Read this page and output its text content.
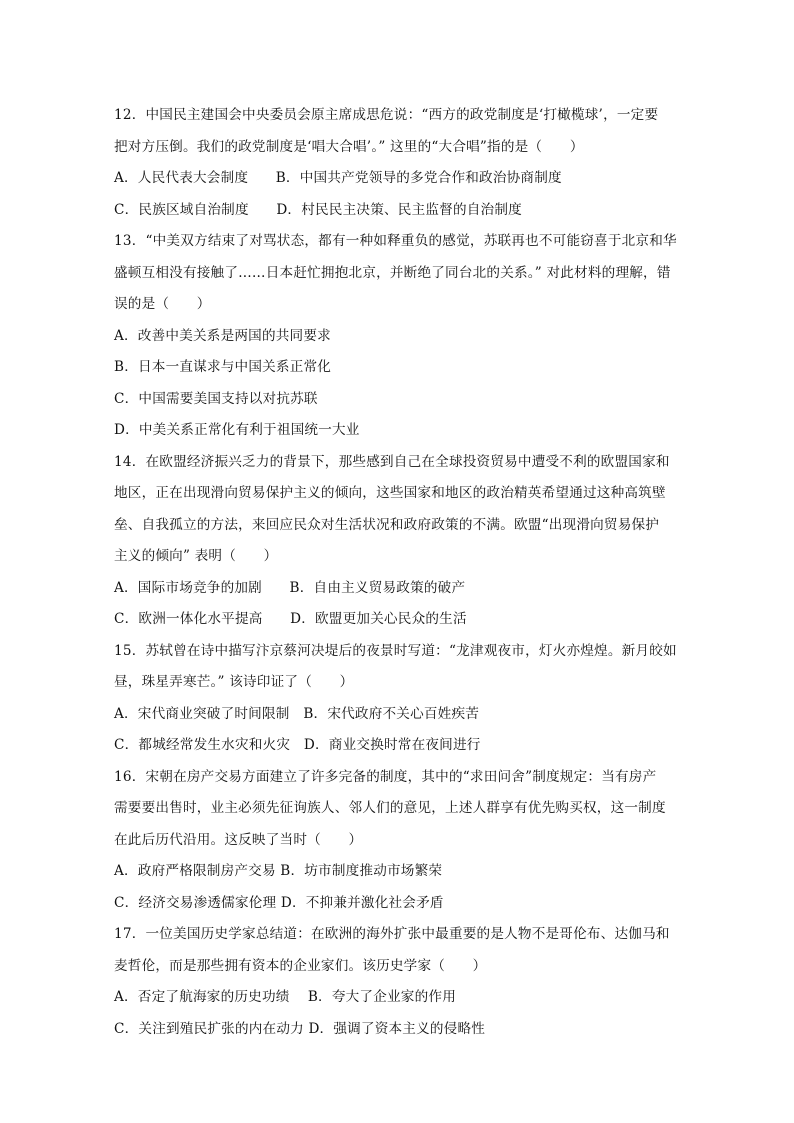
12．中国民主建国会中央委员会原主席成思危说：“西方的政党制度是‘打橄榄球’，一定要
把对方压倒。我们的政党制度是‘唱大合唱’。” 这里的“大合唱”指的是（　　）
A．人民代表大会制度　　B．中国共产党领导的多党合作和政治协商制度
C．民族区域自治制度　　D．村民民主决策、民主监督的自治制度
13．“中美双方结束了对骂状态，都有一种如释重负的感觉，苏联再也不可能窃喜于北京和华
盛顿互相没有接触了……日本赶忙拥抱北京，并断绝了同台北的关系。” 对此材料的理解，错
误的是（　　）
A．改善中美关系是两国的共同要求
B．日本一直谋求与中国关系正常化
C．中国需要美国支持以对抗苏联
D．中美关系正常化有利于祖国统一大业
14．在欧盟经济振兴乏力的背景下，那些感到自己在全球投资贸易中遭受不利的欧盟国家和
地区，正在出现滑向贸易保护主义的倾向，这些国家和地区的政治精英希望通过这种高筑壁
垒、自我孤立的方法，来回应民众对生活状况和政府政策的不满。欧盟“出现滑向贸易保护
主义的倾向” 表明（　　）
A．国际市场竞争的加剧　　B．自由主义贸易政策的破产
C．欧洲一体化水平提高　　D．欧盟更加关心民众的生活
15．苏轼曾在诗中描写汴京蔡河决堤后的夜景时写道：“龙津观夜市，灯火亦煌煌。新月皎如
昼，珠星弄寒芒。” 该诗印证了（　　）
A．宋代商业突破了时间限制　B．宋代政府不关心百姓疾苦
C．都城经常发生水灾和火灾　D．商业交换时常在夜间进行
16．宋朝在房产交易方面建立了许多完备的制度，其中的“求田问舍”制度规定：当有房产
需要要出售时，业主必须先征询族人、邻人们的意见，上述人群享有优先购买权，这一制度
在此后历代沿用。这反映了当时（　　）
A．政府严格限制房产交易 B．坊市制度推动市场繁荣
C．经济交易渗透儒家伦理 D．不抑兼并激化社会矛盾
17．一位美国历史学家总结道：在欧洲的海外扩张中最重要的是人物不是哥伦布、达伽马和
麦哲伦，而是那些拥有资本的企业家们。该历史学家（　　）
A．否定了航海家的历史功绩　 B．夸大了企业家的作用
C．关注到殖民扩张的内在动力 D．强调了资本主义的侵略性
